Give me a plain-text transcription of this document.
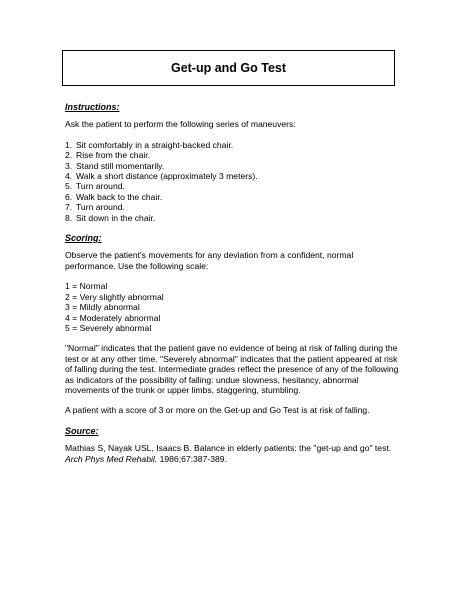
Get-up and Go Test

Instructions:

Ask the patient to perform the following series of maneuvers:

1. Sit comfortably in a straight-backed chair.
2. Rise from the chair.
3. Stand still momentarily.
4. Walk a short distance (approximately 3 meters).
5. Turn around.
6. Walk back to the chair.
7. Turn around.
8. Sit down in the chair.

Scoring:

Observe the patient's movements for any deviation from a confident, normal performance. Use the following scale:

1 = Normal
2 = Very slightly abnormal
3 = Mildly abnormal
4 = Moderately abnormal
5 = Severely abnormal

"Normal" indicates that the patient gave no evidence of being at risk of falling during the test or at any other time. "Severely abnormal" indicates that the patient appeared at risk of falling during the test. Intermediate grades reflect the presence of any of the following as indicators of the possibility of falling: undue slowness, hesitancy, abnormal movements of the trunk or upper limbs, staggering, stumbling.

A patient with a score of 3 or more on the Get-up and Go Test is at risk of falling.

Source:

Mathias S, Nayak USL, Isaacs B. Balance in elderly patients: the "get-up and go" test. Arch Phys Med Rehabil. 1986;67:387-389.
